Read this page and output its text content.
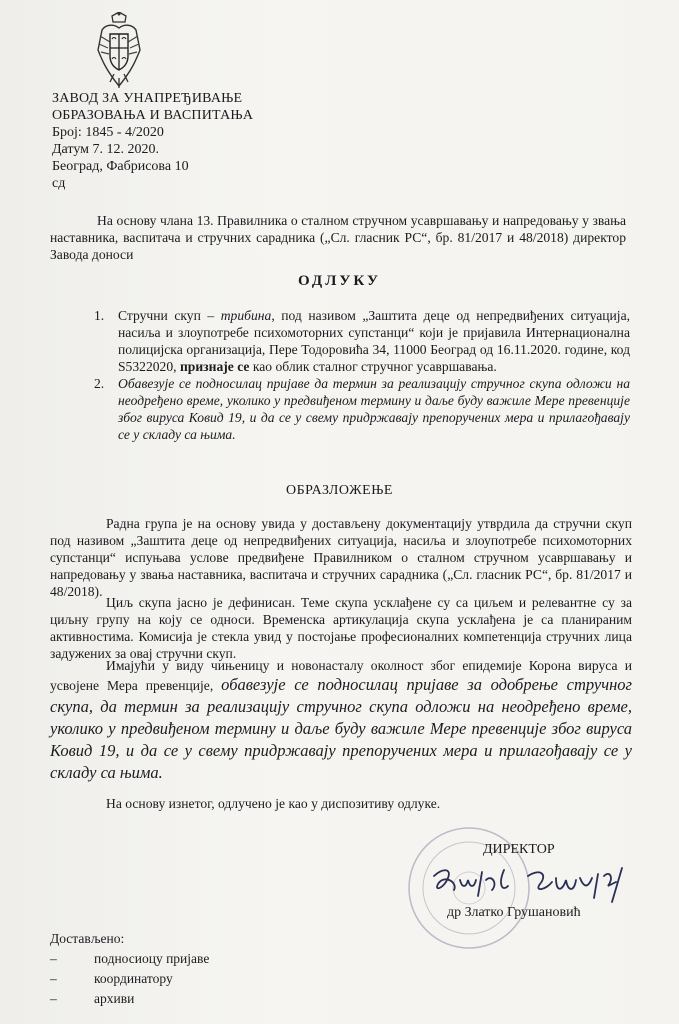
ЗАВОД ЗА УНАПРЕЂИВАЊЕ
ОБРАЗОВАЊА И ВАСПИТАЊА
Број: 1845 - 4/2020
Датум 7. 12. 2020.
Београд, Фабрисова 10
сд
На основу члана 13. Правилника о сталном стручном усавршавању и напредовању у звања наставника, васпитача и стручних сарадника („Сл. гласник РС“, бр. 81/2017 и 48/2018) директор Завода доноси
ОДЛУКУ
1. Стручни скуп – трибина, под називом „Заштита деце од непредвиђених ситуација, насиља и злоупотребе психомоторних супстанци“ који је пријавила Интернационална полицијска организација, Пере Тодоровића 34, 11000 Београд од 16.11.2020. године, код S5322020, признаје се као облик сталног стручног усавршавања.
2. Обавезује се подносилац пријаве да термин за реализацију стручног скупа одложи на неодређено време, уколико у предвиђеном термину и даље буду важиле Мере превенције због вируса Ковид 19, и да се у свему придржавају препоручених мера и прилагођавају се у складу са њима.
ОБРАЗЛОЖЕЊЕ
Радна група је на основу увида у достављену документацију утврдила да стручни скуп под називом „Заштита деце од непредвиђених ситуација, насиља и злоупотребе психомоторних супстанци“ испуњава услове предвиђене Правилником о сталном стручном усавршавању и напредовању у звања наставника, васпитача и стручних сарадника („Сл. гласник РС“, бр. 81/2017 и 48/2018).
Циљ скупа јасно је дефинисан. Теме скупа усклађене су са циљем и релевантне су за циљну групу на коју се односи. Временска артикулација скупа усклађена је са планираним активностима. Комисија је стекла увид у постојање професионалних компетенција стручних лица задужених за овај стручни скуп.
Имајући у виду чињеницу и новонасталу околност због епидемије Корона вируса и усвојене Мера превенције, обавезује се подносилац пријаве за одобрење стручног скупа, да термин за реализацију стручног скупа одложи на неодређено време, уколико у предвиђеном термину и даље буду важиле Мере превенције због вируса Ковид 19, и да се у свему придржавају препоручених мера и прилагођавају се у складу са њима.
На основу изнетог, одлучено је као у диспозитиву одлуке.
ДИРЕКТОР
др Златко Грушановић
Достављено:
–	подносиоцу пријаве
–	координатору
–	архиви
